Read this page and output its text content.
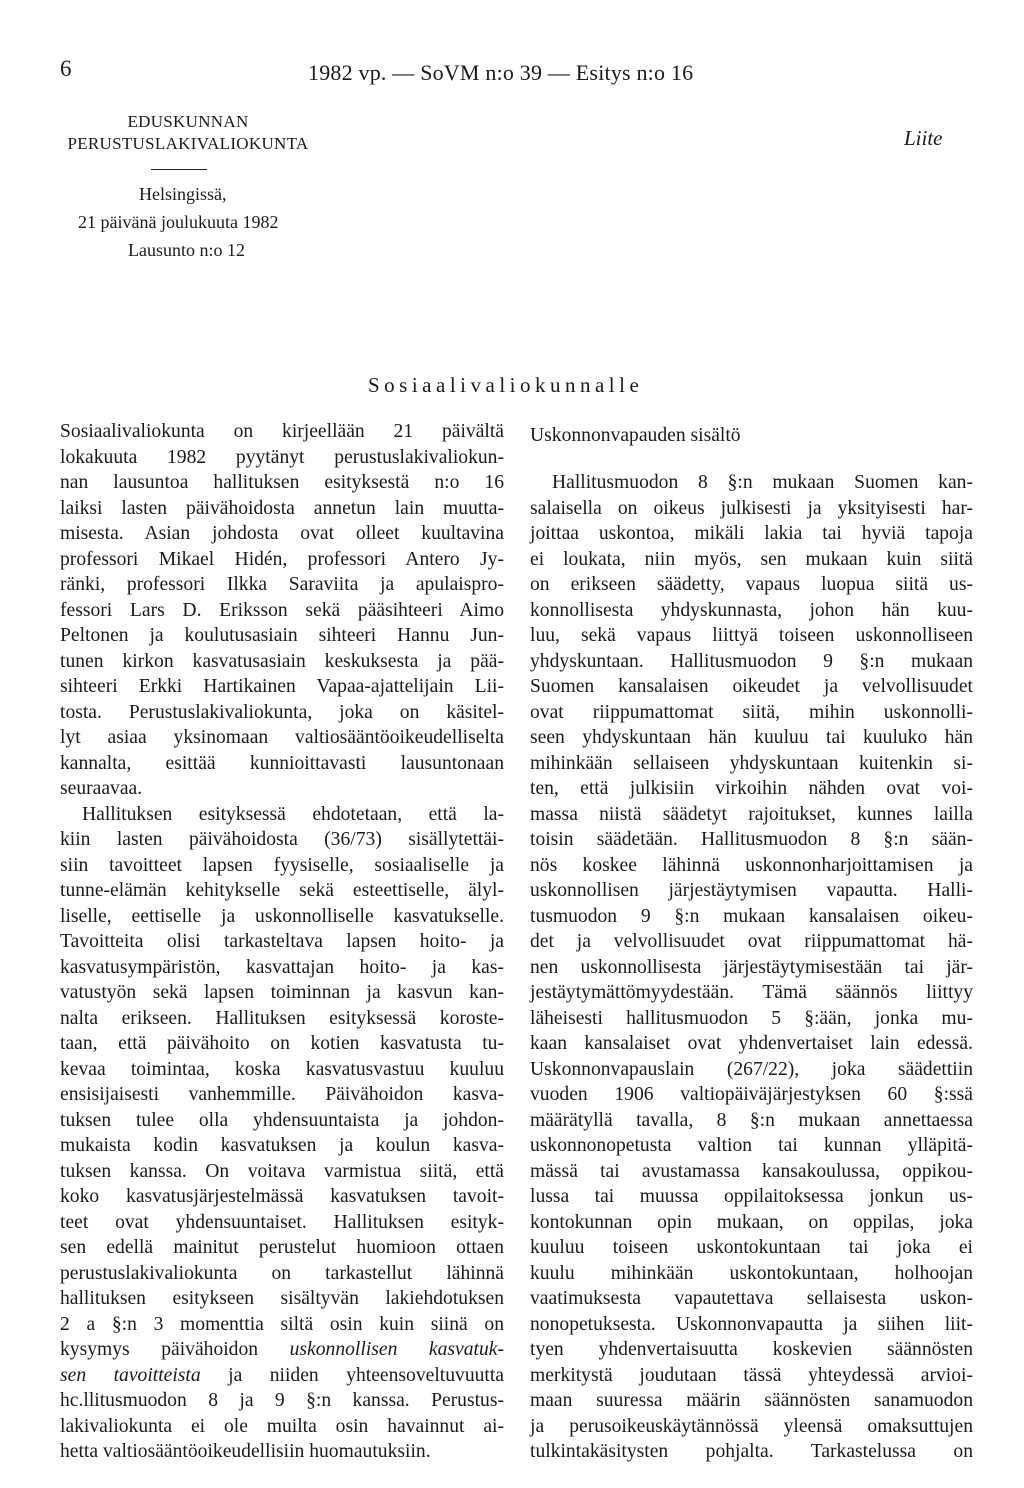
6	1982 vp. — SoVM n:o 39 — Esitys n:o 16
EDUSKUNNAN
PERUSTUSLAKIVALIOKUNTA	Liite
Helsingissä,
21 päivänä joulukuuta 1982
Lausunto n:o 12
Sosiaalivaliokunnalle
Sosiaalivaliokunta on kirjeellään 21 päivältä
lokakuuta 1982 pyytänyt perustuslakivaliokun-
nan lausuntoa hallituksen esityksestä n:o 16
laiksi lasten päivähoidosta annetun lain muutta-
misesta. Asian johdosta ovat olleet kuultavina
professori Mikael Hidén, professori Antero Jy-
ränki, professori Ilkka Saraviita ja apulaispro-
fessori Lars D. Eriksson sekä pääsihteeri Aimo
Peltonen ja koulutusasiain sihteeri Hannu Jun-
tunen kirkon kasvatusasiain keskuksesta ja pää-
sihteeri Erkki Hartikainen Vapaa-ajattelijain Lii-
tosta. Perustuslakivaliokunta, joka on käsitel-
lyt asiaa yksinomaan valtiosääntöoikeudelliselta
kannalta, esittää kunnioittavasti lausuntonaan
seuraavaa.
Hallituksen esityksessä ehdotetaan, että la-
kiin lasten päivähoidosta (36/73) sisällytettäi-
siin tavoitteet lapsen fyysiselle, sosiaaliselle ja
tunne-elämän kehitykselle sekä esteettiselle, älyl-
liselle, eettiselle ja uskonnolliselle kasvatukselle.
Tavoitteita olisi tarkasteltava lapsen hoito- ja
kasvatusympäristön, kasvattajan hoito- ja kas-
vatustyön sekä lapsen toiminnan ja kasvun kan-
nalta erikseen. Hallituksen esityksessä koroste-
taan, että päivähoito on kotien kasvatusta tu-
kevaa toimintaa, koska kasvatusvastuu kuuluu
ensisijaisesti vanhemmille. Päivähoidon kasva-
tuksen tulee olla yhdensuuntaista ja johdon-
mukaista kodin kasvatuksen ja koulun kasva-
tuksen kanssa. On voitava varmistua siitä, että
koko kasvatusjärjestelmässä kasvatuksen tavoit-
teet ovat yhdensuuntaiset. Hallituksen esityk-
sen edellä mainitut perustelut huomioon ottaen
perustuslakivaliokunta on tarkastellut lähinnä
hallituksen esitykseen sisältyvän lakiehdotuksen
2 a §:n 3 momenttia siltä osin kuin siinä on
kysymys päivähoidon uskonnollisen kasvatuk-
sen tavoitteista ja niiden yhteensoveltuvuutta
hc.llitusmuodon 8 ja 9 §:n kanssa. Perustus-
lakivaliokunta ei ole muilta osin havainnut ai-
hetta valtiosääntöoikeudellisiin huomautuksiin.
Uskonnonvapauden sisältö
Hallitusmuodon 8 §:n mukaan Suomen kan-
salaisella on oikeus julkisesti ja yksityisesti har-
joittaa uskontoa, mikäli lakia tai hyviä tapoja
ei loukata, niin myös, sen mukaan kuin siitä
on erikseen säädetty, vapaus luopua siitä us-
konnollisesta yhdyskunnasta, johon hän kuu-
luu, sekä vapaus liittyä toiseen uskonnolliseen
yhdyskuntaan. Hallitusmuodon 9 §:n mukaan
Suomen kansalaisen oikeudet ja velvollisuudet
ovat riippumattomat siitä, mihin uskonnolli-
seen yhdyskuntaan hän kuuluu tai kuuluko hän
mihinkään sellaiseen yhdyskuntaan kuitenkin si-
ten, että julkisiin virkoihin nähden ovat voi-
massa niistä säädetyt rajoitukset, kunnes lailla
toisin säädetään. Hallitusmuodon 8 §:n sään-
nös koskee lähinnä uskonnonharjoittamisen ja
uskonnollisen järjestäytymisen vapautta. Halli-
tusmuodon 9 §:n mukaan kansalaisen oikeu-
det ja velvollisuudet ovat riippumattomat hä-
nen uskonnollisesta järjestäytymisestään tai jär-
jestäytymättömyydestään. Tämä säännös liittyy
läheisesti hallitusmuodon 5 §:ään, jonka mu-
kaan kansalaiset ovat yhdenvertaiset lain edessä.
Uskonnonvapauslain (267/22), joka säädettiin
vuoden 1906 valtiopäiväjärjestyksen 60 §:ssä
määrätyllä tavalla, 8 §:n mukaan annettaessa
uskonnonopetusta valtion tai kunnan ylläpitä-
mässä tai avustamassa kansakoulussa, oppikou-
lussa tai muussa oppilaitoksessa jonkun us-
kontokunnan opin mukaan, on oppilas, joka
kuuluu toiseen uskontokuntaan tai joka ei
kuulu mihinkään uskontokuntaan, holhoojan
vaatimuksesta vapautettava sellaisesta uskon-
nonopetuksesta. Uskonnonvapautta ja siihen liit-
tyen yhdenvertaisuutta koskevien säännösten
merkitystä joudutaan tässä yhteydessä arvioi-
maan suuressa määrin säännösten sanamuodon
ja perusoikeuskäytännössä yleensä omaksuttujen
tulkintakäsitysten pohjalta. Tarkastelussa on
